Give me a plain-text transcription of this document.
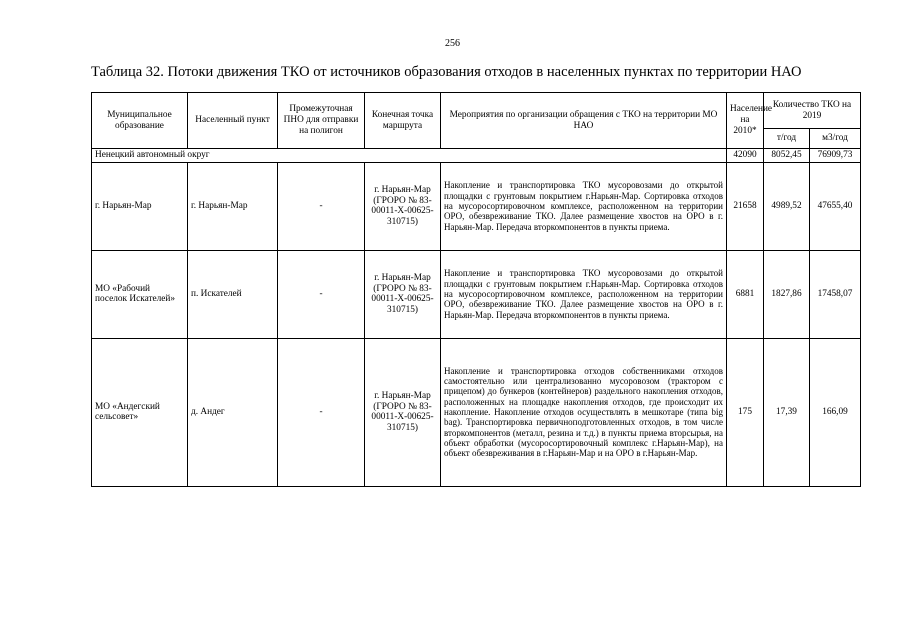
256
Таблица 32. Потоки движения ТКО от источников образования отходов в населенных пунктах по территории НАО
Муниципальное образование	Населенный пункт	Промежуточная ПНО для отправки на полигон	Конечная точка маршрута	Мероприятия по организации обращения с ТКО на территории МО НАО	Население на 2010*	Количество ТКО на 2019	
						т/год	м3/год
Ненецкий автономный округ					42090	8052,45	76909,73
г. Нарьян-Мар	г. Нарьян-Мар	-	г. Нарьян-Мар (ГРОРО № 83-00011-Х-00625-310715)	Накопление и транспортировка ТКО мусоровозами до открытой площадки с грунтовым покрытием г.Нарьян-Мар. Сортировка отходов на мусоросортировочном комплексе, расположенном на территории ОРО, обезвреживание ТКО. Далее размещение хвостов на ОРО в г. Нарьян-Мар. Передача вторкомпонентов в пункты приема.	21658	4989,52	47655,40
МО «Рабочий поселок Искателей»	п. Искателей	-	г. Нарьян-Мар (ГРОРО № 83-00011-Х-00625-310715)	Накопление и транспортировка ТКО мусоровозами до открытой площадки с грунтовым покрытием г.Нарьян-Мар. Сортировка отходов на мусоросортировочном комплексе, расположенном на территории ОРО, обезвреживание ТКО. Далее размещение хвостов на ОРО в г. Нарьян-Мар. Передача вторкомпонентов в пункты приема.	6881	1827,86	17458,07
МО «Андегский сельсовет»	д. Андег	-	г. Нарьян-Мар (ГРОРО № 83-00011-Х-00625-310715)	Накопление и транспортировка отходов собственниками отходов самостоятельно или централизованно мусоровозом (трактором с прицепом) до бункеров (контейнеров) раздельного накопления отходов, расположенных на площадке накопления отходов, где происходит их накопление. Накопление отходов осуществлять в мешкотаре (типа big bag). Транспортировка первичноподготовленных отходов, в том числе вторкомпонентов (металл, резина и т.д.) в пункты приема вторсырья, на объект обработки (мусоросортировочный комплекс г.Нарьян-Мар), на объект обезвреживания в г.Нарьян-Мар и на ОРО в г.Нарьян-Мар.	175	17,39	166,09
